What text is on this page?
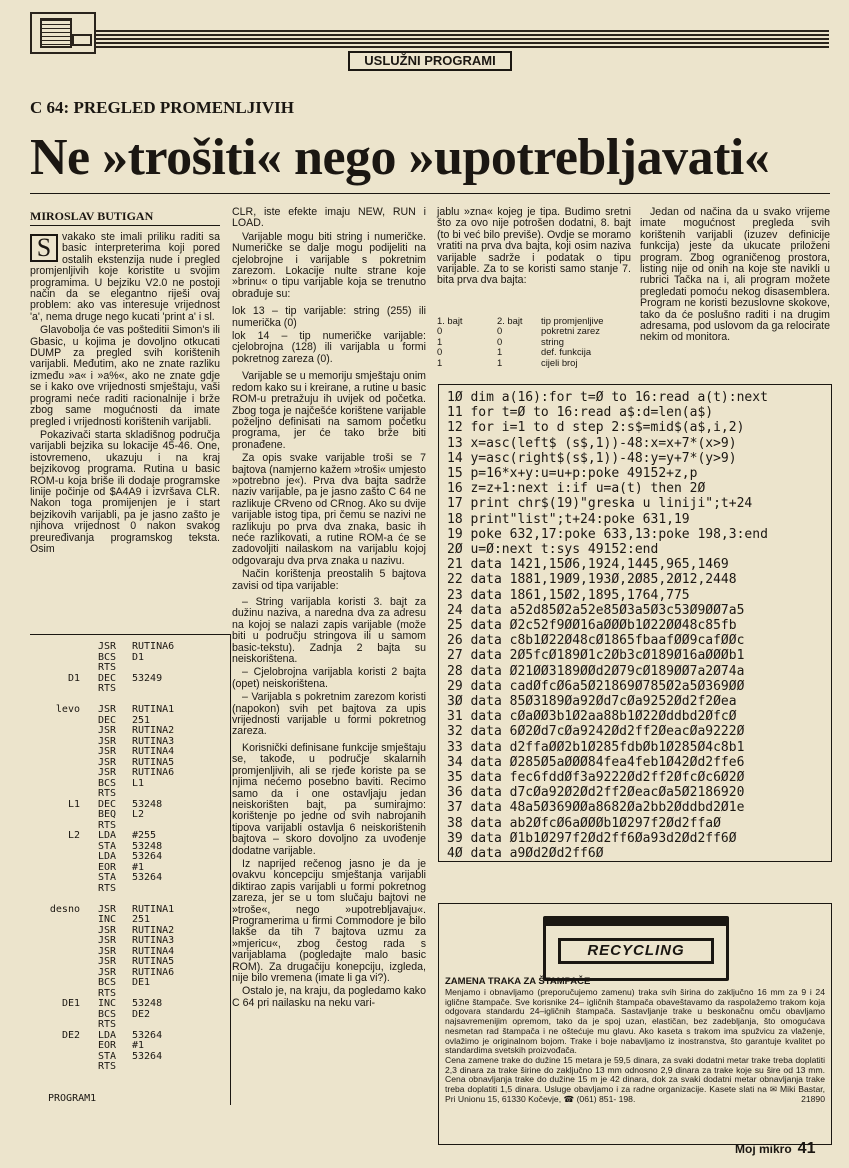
USLUŽNI PROGRAMI
C 64: PREGLED PROMENLJIVIH
Ne »trošiti« nego »upotrebljavati«
MIROSLAV BUTIGAN
S	vakako ste imali priliku raditi sa basic interpreterima koji pored ostalih ekstenzija nude i pregled promjenljivih koje koristite u svojim programima. U bejziku V2.0 ne postoji način da se elegantno riješi ovaj problem: ako vas interesuje vrijednost 'a', nema druge nego kucati 'print a' i sl.

Glavobolja će vas pošteditii Simon's ili Gbasic, u kojima je dovoljno otkucati DUMP za pregled svih korištenih varijabli. Međutim, ako ne znate razliku između »a« i »a%«, ako ne znate gdje se i kako ove vrijednosti smještaju, vaši programi neće raditi racionalnije i brže zbog same mogućnosti da imate pregled i vrijednosti korištenih varijabli.

Pokazivači starta skladišnog područja varijabli bejzika su lokacije 45-46. One, istovremeno, ukazuju i na kraj bejzikovog programa. Rutina u basic ROM-u koja briše ili dodaje programske linije počinje od $A4A9 i izvršava CLR. Nakon toga promijenjen je i start bejzikovih varijabli, pa je jasno zašto je njihova vrijednost 0 nakon svakog preuređivanja programskog teksta. Osim

JSR RUTINA6
BCS D1
RTS
D1 DEC 53249
RTS
levo JSR RUTINA1
DEC 251
JSR RUTINA2
JSR RUTINA3
JSR RUTINA4
JSR RUTINA5
JSR RUTINA6
BCS L1
RTS
L1 DEC 53248
BEQ L2
RTS
L2 LDA #255
STA 53248
LDA 53264
EOR #1
STA 53264
RTS
desno JSR RUTINA1
INC 251
JSR RUTINA2
JSR RUTINA3
JSR RUTINA4
JSR RUTINA5
JSR RUTINA6
BCS DE1
RTS
DE1 INC 53248
BCS DE2
RTS
DE2 LDA 53264
EOR #1
STA 53264
RTS
PROGRAM1

CLR, iste efekte imaju NEW, RUN i LOAD.

Varijable mogu biti string i numeričke. Numeričke se dalje mogu podijeliti na cjelobrojne i varijable s pokretnim zarezom. Lokacije nulte strane koje »brinu« o tipu varijable koja se trenutno obrađuje su:

lok 13 – tip varijable: string (255) ili numerička (0)

lok 14 – tip numeričke varijable: cjelobrojna (128) ili varijabla u formi pokretnog zareza (0).

Varijable se u memoriju smještaju onim redom kako su i kreirane, a rutine u basic ROM-u pretražuju ih uvijek od početka. Zbog toga je najčešće korištene varijable poželjno definisati na samom početku programa, jer će tako brže biti pronađene.

Za opis svake varijable troši se 7 bajtova (namjerno kažem »troši« umjesto »potrebno je«). Prva dva bajta sadrže naziv varijable, pa je jasno zašto C 64 ne razlikuje CRveno od CRnog. Ako su dvije varijable istog tipa, pri čemu se nazivi ne razlikuju po prva dva znaka, basic ih neće razlikovati, a rutine ROM-a će se zadovoljiti nailaskom na varijablu kojoj odgovaraju dva prva znaka u nazivu.

Način korištenja preostalih 5 bajtova zavisi od tipa varijable:

– String varijabla koristi 3. bajt za dužinu naziva, a naredna dva za adresu na kojoj se nalazi zapis varijable (može biti u području stringova ili u samom basic-tekstu). Zadnja 2 bajta su neiskorištena.

– Cjelobrojna varijabla koristi 2 bajta (opet) neiskorištena.

– Varijabla s pokretnim zarezom koristi (napokon) svih pet bajtova za upis vrijednosti varijable u formi pokretnog zareza.

Korisnički definisane funkcije smještaju se, takođe, u područje skalarnih promjenljivih, ali se rjeđe koriste pa se njima nećemo posebno baviti. Recimo samo da i one ostavljaju jedan neiskorišten bajt, pa sumirajmo: korištenje po jedne od svih nabrojanih tipova varijabli ostavlja 6 neiskorištenih bajtova – skoro dovoljno za uvođenje dodatne varijable.

Iz naprijed rečenog jasno je da je ovakvu koncepciju smještanja varijabli diktirao zapis varijabli u formi pokretnog zareza, jer se u tom slučaju bajtovi ne »troše«, nego »upotrebljavaju«. Programerima u firmi Commodore je bilo lakše da tih 7 bajtova uzmu za »mjericu«, zbog čestog rada s varijablama (pogledajte malo basic ROM). Za drugačiju konepciju, izgleda, nije bilo vremena (imate li ga vi?).

Ostalo je, na kraju, da pogledamo kako C 64 pri nailasku na neku vari-

jablu »zna« kojeg je tipa. Budimo sretni što za ovo nije potrošen dodatni, 8. bajt (to bi već bilo previše). Ovdje se moramo vratiti na prva dva bajta, koji osim naziva varijable sadrže i podatak o tipu varijable. Za to se koristi samo stanje 7. bita prva dva bajta:

1. bajt	2. bajt	tip promjenljive
0	0	pokretni zarez
1	0	string
0	1	def. funkcija
1	1	cijeli broj

Jedan od načina da u svako vrijeme imate mogućnost pregleda svih korištenih varijabli (izuzev definicije funkcija) jeste da ukucate priloženi program. Zbog ograničenog prostora, listing nije od onih na koje ste navikli u rubrici Tačka na i, ali program možete pregledati pomoću nekog disasemblera. Program ne koristi bezuslovne skokove, tako da će poslušno raditi i na drugim adresama, pod uslovom da ga relocirate nekim od monitora.

1Ø dim a(16):for t=Ø to 16:read a(t):next
11 for t=Ø to 16:read a$:d=len(a$)
12 for i=1 to d step 2:s$=mid$(a$,i,2)
13 x=asc(left$ (s$,1))-48:x=x+7*(x>9)
14 y=asc(right$(s$,1))-48:y=y+7*(y>9)
15 p=16*x+y:u=u+p:poke 49152+z,p
16 z=z+1:next i:if u=a(t) then 2Ø
17 print chr$(19)"greska u liniji";t+24
18 print"list";t+24:poke 631,19
19 poke 632,17:poke 633,13:poke 198,3:end
2Ø u=Ø:next t:sys 49152:end
21 data 1421,15Ø6,1924,1445,965,1469
22 data 1881,19Ø9,193Ø,2Ø85,2Ø12,2448
23 data 1861,15Ø2,1895,1764,775
24 data a52d85Ø2a52e85Ø3a5Ø3c53Ø9ØØ7a5
25 data Ø2c52f9ØØ16aØØØb1Ø22ØØ48c85fb
26 data c8b1Ø22Ø48cØ1865fbaafØØ9cafØØc
27 data 2Ø5fcØ189Ø1c2Øb3cØ189Ø16aØØØb1
28 data Ø21ØØ3189ØØd2Ø79cØ189ØØ7a2Ø74a
29 data cadØfcØ6a5Ø21869Ø785Ø2a5Ø369ØØ
3Ø data 85Ø3189Øa92Ød7cØa9252Ød2f2Øea
31 data cØaØØ3b1Ø2aa88b1Ø22Øddbd2ØfcØ
32 data 6Ø2Ød7cØa9242Ød2ff2ØeacØa9222Ø
33 data d2ffaØØ2b1Ø285fdbØb1Ø285Ø4c8b1
34 data Ø285Ø5aØØØ84fea4feb1Ø42Ød2ffe6
35 data fec6fddØf3a9222Ød2ff2ØfcØc6Ø2Ø
36 data d7cØa92Ø2Ød2ff2ØeacØa5Ø2186920
37 data 48a5Ø369ØØa8682Øa2bb2Øddbd2Ø1e
38 data ab2ØfcØ6aØØØb1Ø297f2Ød2ffaØ
39 data Ø1b1Ø297f2Ød2ff6Øa93d2Ød2ff6Ø
4Ø data a9Ød2Ød2ff6Ø
RECYCLING
ZAMENA TRAKA ZA ŠTAMPAČE

Menjamo i obnavljamo (preporučujemo zamenu) traka svih širina do zaključno 16 mm za 9 i 24 iglične štampače. Sve korisnike 24– igličnih štampača obaveštavamo da raspolažemo trakom koja odgovara standardu 24–igličnih štampača. Sastavljanje trake u beskonačnu omču obavljamo najsavremenijim opremom, tako da je spoj uzan, elastičan, bez zadebljanja, što omogućava nesmetan rad štampača i ne oštećuje mu glavu. Ako kaseta s trakom ima spužvicu za vlaženje, ovlažimo je originalnom bojom. Trake i boje nabavljamo iz inostranstva, što garantuje kvalitet po standardima svetskih proizvođača.

Cena zamene trake do dužine 15 metara je 59,5 dinara, za svaki dodatni metar trake treba doplatiti 2,3 dinara za trake širine do zaključno 13 mm odnosno 2,9 dinara za trake koje su šire od 13 mm. Cena obnavljanja trake do dužine 15 m je 42 dinara, dok za svaki dodatni metar obnavljanja trake treba doplatiti 1,5 dinara. Usluge obavljamo i za radne organizacije. Kasete slati na ✉ Miki Bastar, Pri Unionu 15, 61330 Kočevje, ☎ (061) 851- 198.	21890

Moj mikro 41
